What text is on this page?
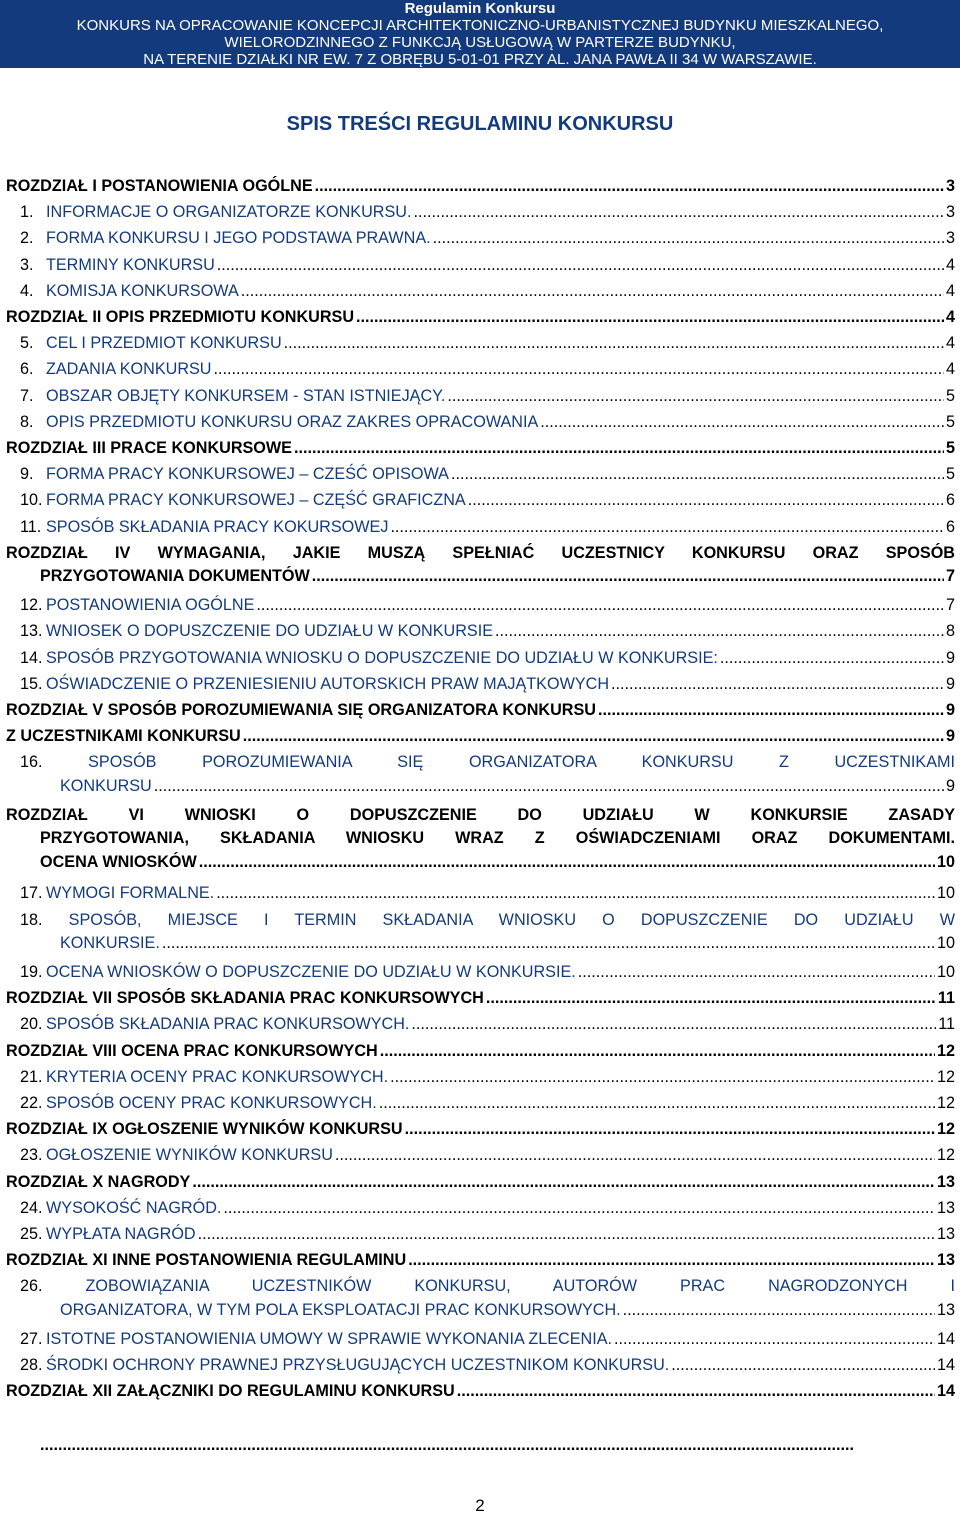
Regulamin Konkursu
KONKURS NA OPRACOWANIE KONCEPCJI ARCHITEKTONICZNO-URBANISTYCZNEJ BUDYNKU MIESZKALNEGO,
WIELORODZINNEGO Z FUNKCJĄ USŁUGOWĄ W PARTERZE BUDYNKU,
NA TERENIE DZIAŁKI NR EW. 7 Z OBRĘBU 5-01-01 PRZY AL. JANA PAWŁA II 34 W WARSZAWIE.
SPIS TREŚCI REGULAMINU KONKURSU
ROZDZIAŁ I POSTANOWIENIA OGÓLNE .....	3
1. INFORMACJE O ORGANIZATORZE KONKURSU. .....	3
2. FORMA KONKURSU I JEGO PODSTAWA PRAWNA. .....	3
3. TERMINY KONKURSU .....	4
4. KOMISJA KONKURSOWA .....	4
ROZDZIAŁ II OPIS PRZEDMIOTU KONKURSU .....	4
5. CEL I PRZEDMIOT KONKURSU .....	4
6. ZADANIA KONKURSU .....	4
7. OBSZAR OBJĘTY KONKURSEM - STAN ISTNIEJĄCY. .....	5
8. OPIS PRZEDMIOTU KONKURSU ORAZ ZAKRES OPRACOWANIA .....	5
ROZDZIAŁ III PRACE KONKURSOWE .....	5
9. FORMA PRACY KONKURSOWEJ – CZEŚĆ OPISOWA .....	5
10. FORMA PRACY KONKURSOWEJ – CZĘŚĆ GRAFICZNA .....	6
11. SPOSÓB SKŁADANIA PRACY KOKURSOWEJ .....	6
ROZDZIAŁ IV WYMAGANIA, JAKIE MUSZĄ SPEŁNIAĆ UCZESTNICY KONKURSU ORAZ SPOSÓB
PRZYGOTOWANIA DOKUMENTÓW .....	7
12. POSTANOWIENIA OGÓLNE .....	7
13. WNIOSEK O DOPUSZCZENIE DO UDZIAŁU W KONKURSIE .....	8
14. SPOSÓB PRZYGOTOWANIA WNIOSKU O DOPUSZCZENIE DO UDZIAŁU W KONKURSIE: .....	9
15. OŚWIADCZENIE O PRZENIESIENIU AUTORSKICH PRAW MAJĄTKOWYCH .....	9
ROZDZIAŁ V SPOSÓB POROZUMIEWANIA SIĘ ORGANIZATORA KONKURSU .....	9
Z UCZESTNIKAMI KONKURSU .....	9
16. SPOSÓB POROZUMIEWANIA SIĘ ORGANIZATORA KONKURSU Z UCZESTNIKAMI
KONKURSU .....	9
ROZDZIAŁ VI WNIOSKI O DOPUSZCZENIE DO UDZIAŁU W KONKURSIE ZASADY
PRZYGOTOWANIA, SKŁADANIA WNIOSKU WRAZ Z OŚWIADCZENIAMI ORAZ DOKUMENTAMI.
OCENA WNIOSKÓW .....	10
17. WYMOGI FORMALNE. .....	10
18. SPOSÓB, MIEJSCE I TERMIN SKŁADANIA WNIOSKU O DOPUSZCZENIE DO UDZIAŁU W
KONKURSIE. .....	10
19. OCENA WNIOSKÓW O DOPUSZCZENIE DO UDZIAŁU W KONKURSIE. .....	10
ROZDZIAŁ VII SPOSÓB SKŁADANIA PRAC KONKURSOWYCH .....	11
20. SPOSÓB SKŁADANIA PRAC KONKURSOWYCH. .....	11
ROZDZIAŁ VIII OCENA PRAC KONKURSOWYCH .....	12
21. KRYTERIA OCENY PRAC KONKURSOWYCH. .....	12
22. SPOSÓB OCENY PRAC KONKURSOWYCH. .....	12
ROZDZIAŁ IX OGŁOSZENIE WYNIKÓW KONKURSU .....	12
23. OGŁOSZENIE WYNIKÓW KONKURSU .....	12
ROZDZIAŁ X NAGRODY .....	13
24. WYSOKOŚĆ NAGRÓD. .....	13
25. WYPŁATA NAGRÓD .....	13
ROZDZIAŁ XI INNE POSTANOWIENIA REGULAMINU .....	13
26. ZOBOWIĄZANIA UCZESTNIKÓW KONKURSU, AUTORÓW PRAC NAGRODZONYCH I
ORGANIZATORA, W TYM POLA EKSPLOATACJI PRAC KONKURSOWYCH. .....	13
27. ISTOTNE POSTANOWIENIA UMOWY W SPRAWIE WYKONANIA ZLECENIA. .....	14
28. ŚRODKI OCHRONY PRAWNEJ PRZYSŁUGUJĄCYCH UCZESTNIKOM KONKURSU. .....	14
ROZDZIAŁ XII ZAŁĄCZNIKI DO REGULAMINU KONKURSU .....	14
.....................................................................................................................................................................................
2
